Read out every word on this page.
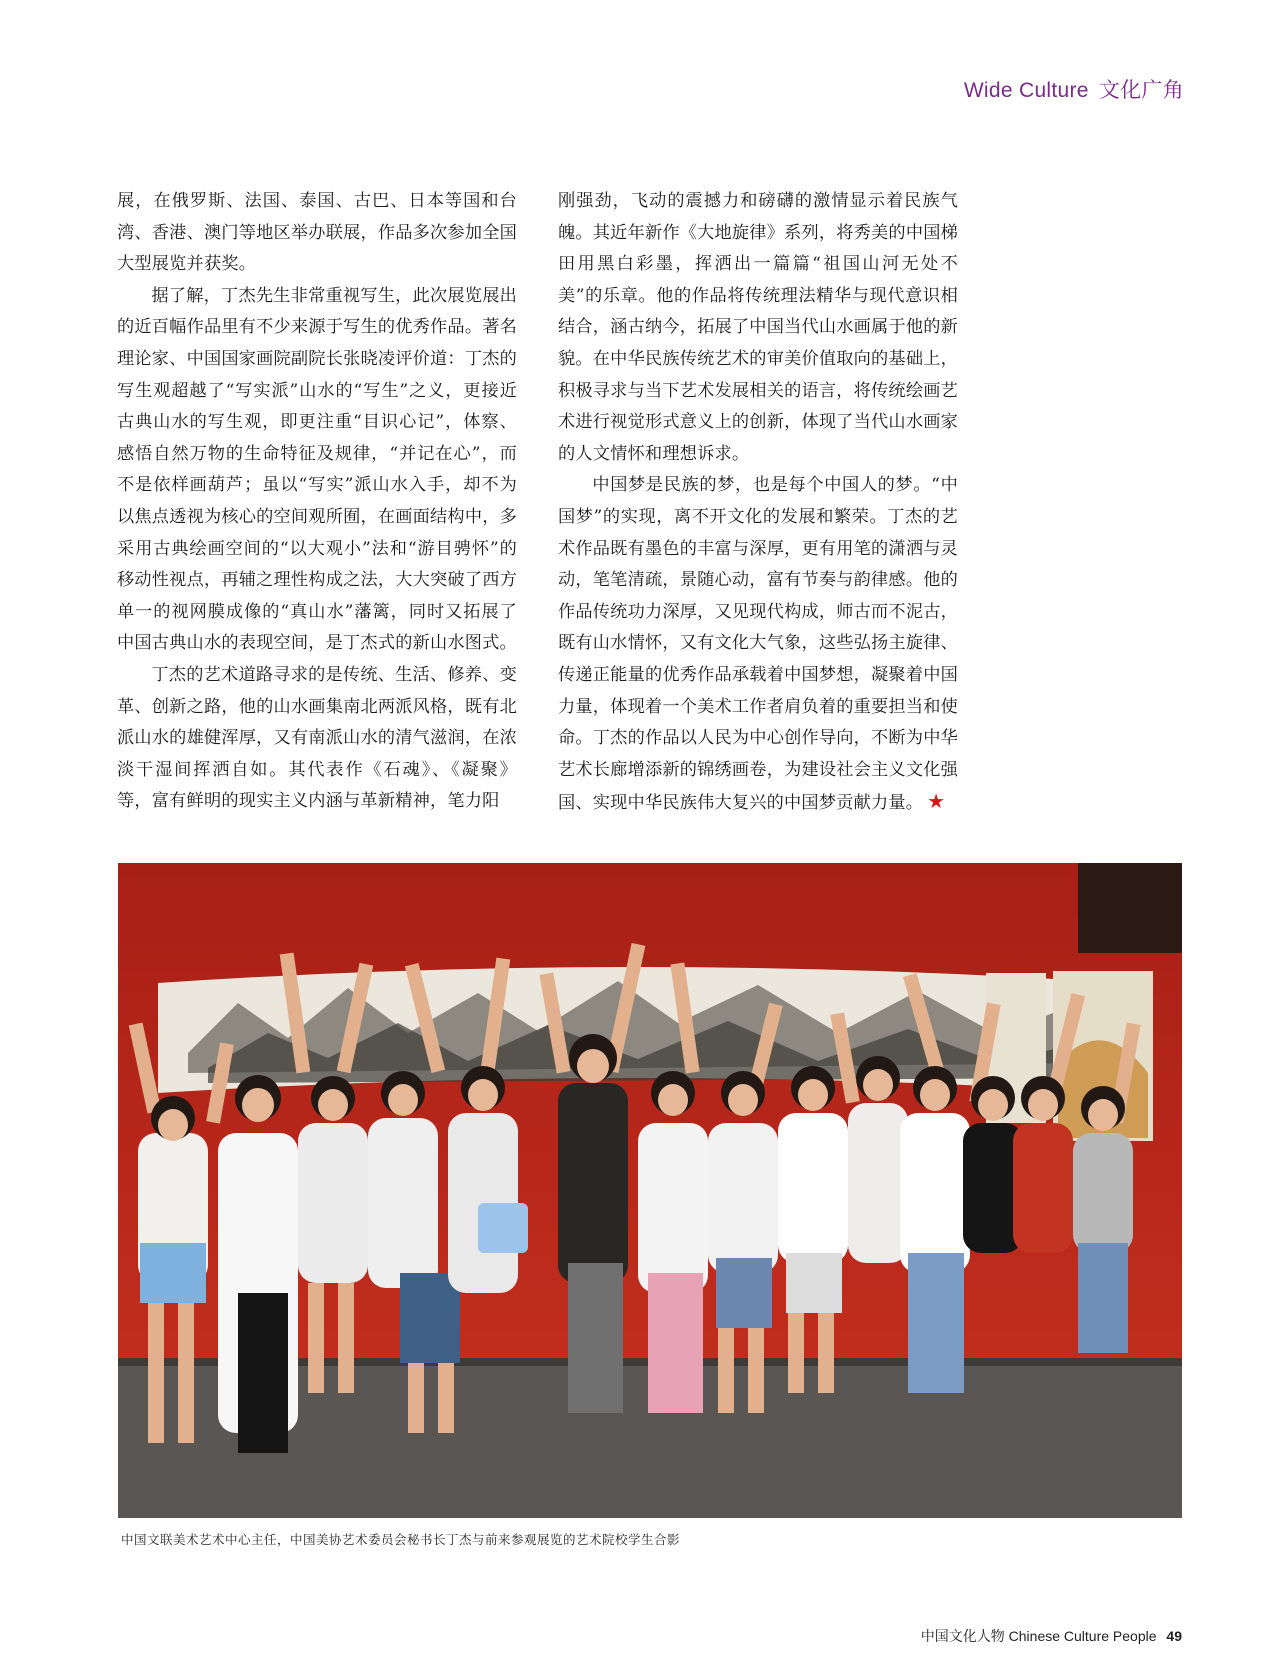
Wide Culture 文化广角

展，在俄罗斯、法国、泰国、古巴、日本等国和台湾、香港、澳门等地区举办联展，作品多次参加全国大型展览并获奖。

据了解，丁杰先生非常重视写生，此次展览展出的近百幅作品里有不少来源于写生的优秀作品。著名理论家、中国国家画院副院长张晓凌评价道：丁杰的写生观超越了“写实派”山水的“写生”之义，更接近古典山水的写生观，即更注重“目识心记”，体察、感悟自然万物的生命特征及规律，“并记在心”，而不是依样画葫芦；虽以“写实”派山水入手，却不为以焦点透视为核心的空间观所囿，在画面结构中，多采用古典绘画空间的“以大观小”法和“游目骋怀”的移动性视点，再辅之理性构成之法，大大突破了西方单一的视网膜成像的“真山水”藩篱，同时又拓展了中国古典山水的表现空间，是丁杰式的新山水图式。

丁杰的艺术道路寻求的是传统、生活、修养、变革、创新之路，他的山水画集南北两派风格，既有北派山水的雄健浑厚，又有南派山水的清气滋润，在浓淡干湿间挥洒自如。其代表作《石魂》、《凝聚》等，富有鲜明的现实主义内涵与革新精神，笔力阳

刚强劲，飞动的震撼力和磅礴的激情显示着民族气魄。其近年新作《大地旋律》系列，将秀美的中国梯田用黑白彩墨，挥洒出一篇篇“祖国山河无处不美”的乐章。他的作品将传统理法精华与现代意识相结合，涵古纳今，拓展了中国当代山水画属于他的新貌。在中华民族传统艺术的审美价值取向的基础上，积极寻求与当下艺术发展相关的语言，将传统绘画艺术进行视觉形式意义上的创新，体现了当代山水画家的人文情怀和理想诉求。

中国梦是民族的梦，也是每个中国人的梦。“中国梦”的实现，离不开文化的发展和繁荣。丁杰的艺术作品既有墨色的丰富与深厚，更有用笔的潇洒与灵动，笔笔清疏，景随心动，富有节奏与韵律感。他的作品传统功力深厚，又见现代构成，师古而不泥古，既有山水情怀，又有文化大气象，这些弘扬主旋律、传递正能量的优秀作品承载着中国梦想，凝聚着中国力量，体现着一个美术工作者肩负着的重要担当和使命。丁杰的作品以人民为中心创作导向，不断为中华艺术长廊增添新的锦绣画卷，为建设社会主义文化强国、实现中华民族伟大复兴的中国梦贡献力量。 ★

中国文联美术艺术中心主任，中国美协艺术委员会秘书长丁杰与前来参观展览的艺术院校学生合影
中国文化人物 Chinese Culture People 49
